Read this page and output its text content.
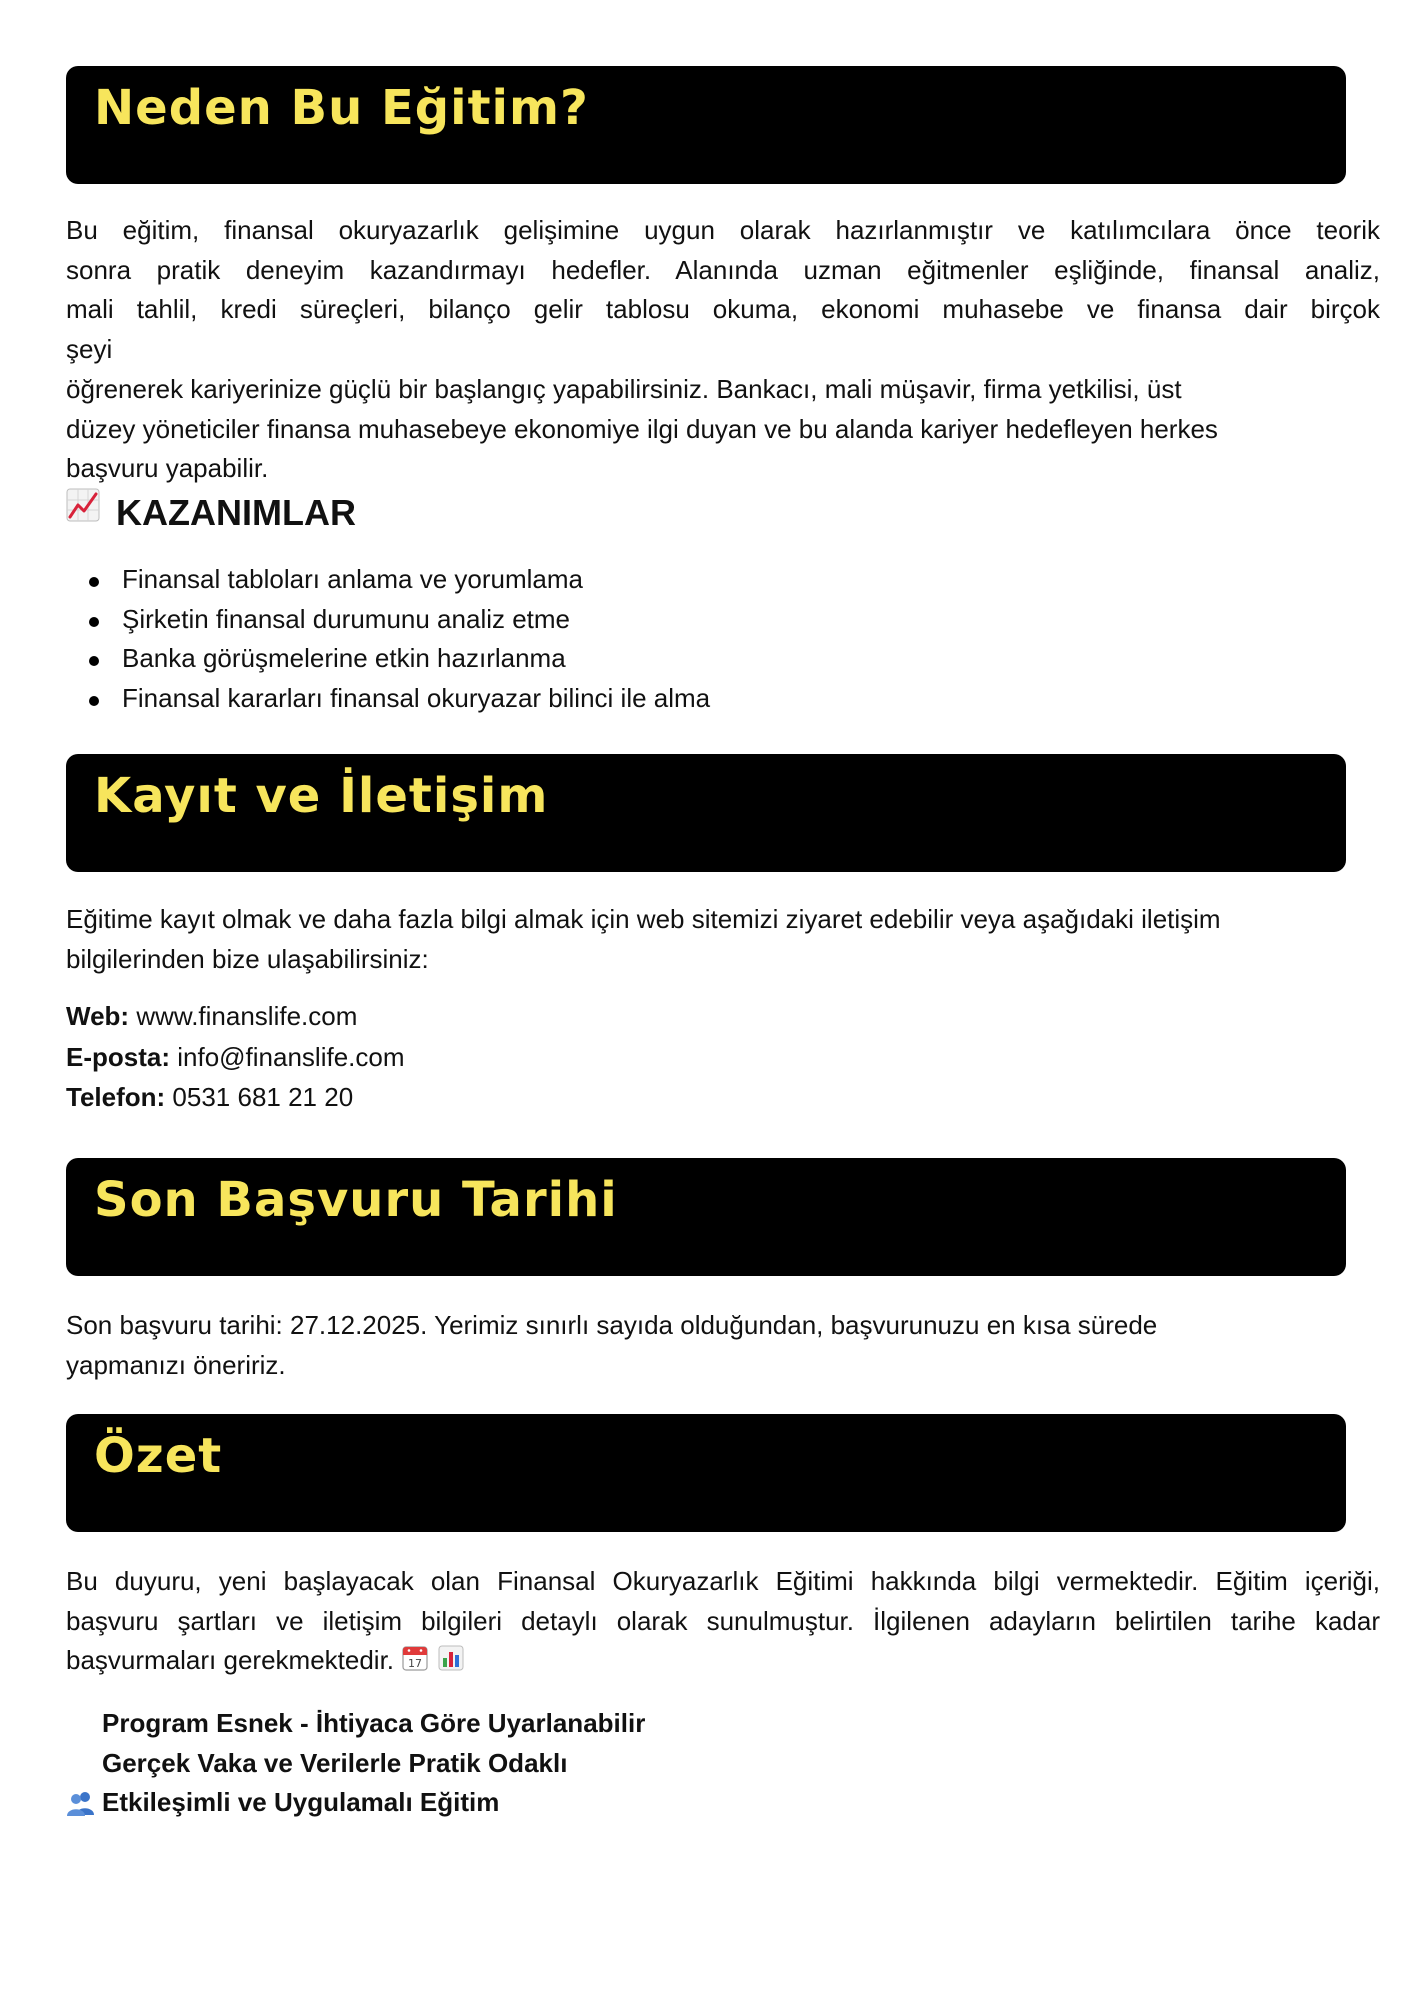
Neden Bu Eğitim?
Bu eğitim, finansal okuryazarlık gelişimine uygun olarak hazırlanmıştır ve katılımcılara önce teorik
sonra pratik deneyim kazandırmayı hedefler. Alanında uzman eğitmenler eşliğinde, finansal analiz,
mali tahlil, kredi süreçleri, bilanço gelir tablosu okuma, ekonomi muhasebe ve finansa dair birçok
şeyi
öğrenerek kariyerinize güçlü bir başlangıç yapabilirsiniz. Bankacı, mali müşavir, firma yetkilisi, üst
düzey yöneticiler finansa muhasebeye ekonomiye ilgi duyan ve bu alanda kariyer hedefleyen herkes
başvuru yapabilir.
KAZANIMLAR
Finansal tabloları anlama ve yorumlama
Şirketin finansal durumunu analiz etme
Banka görüşmelerine etkin hazırlanma
Finansal kararları finansal okuryazar bilinci ile alma
Kayıt ve İletişim
Eğitime kayıt olmak ve daha fazla bilgi almak için web sitemizi ziyaret edebilir veya aşağıdaki iletişim
bilgilerinden bize ulaşabilirsiniz:
Web: www.finanslife.com
E-posta: info@finanslife.com
Telefon: 0531 681 21 20
Son Başvuru Tarihi
Son başvuru tarihi: 27.12.2025. Yerimiz sınırlı sayıda olduğundan, başvurunuzu en kısa sürede
yapmanızı öneririz.
Özet
Bu duyuru, yeni başlayacak olan Finansal Okuryazarlık Eğitimi hakkında bilgi vermektedir. Eğitim içeriği,
başvuru şartları ve iletişim bilgileri detaylı olarak sunulmuştur. İlgilenen adayların belirtilen tarihe kadar
başvurmaları gerekmektedir. 17

Program Esnek - İhtiyaca Göre Uyarlanabilir
Gerçek Vaka ve Verilerle Pratik Odaklı
Etkileşimli ve Uygulamalı Eğitim
